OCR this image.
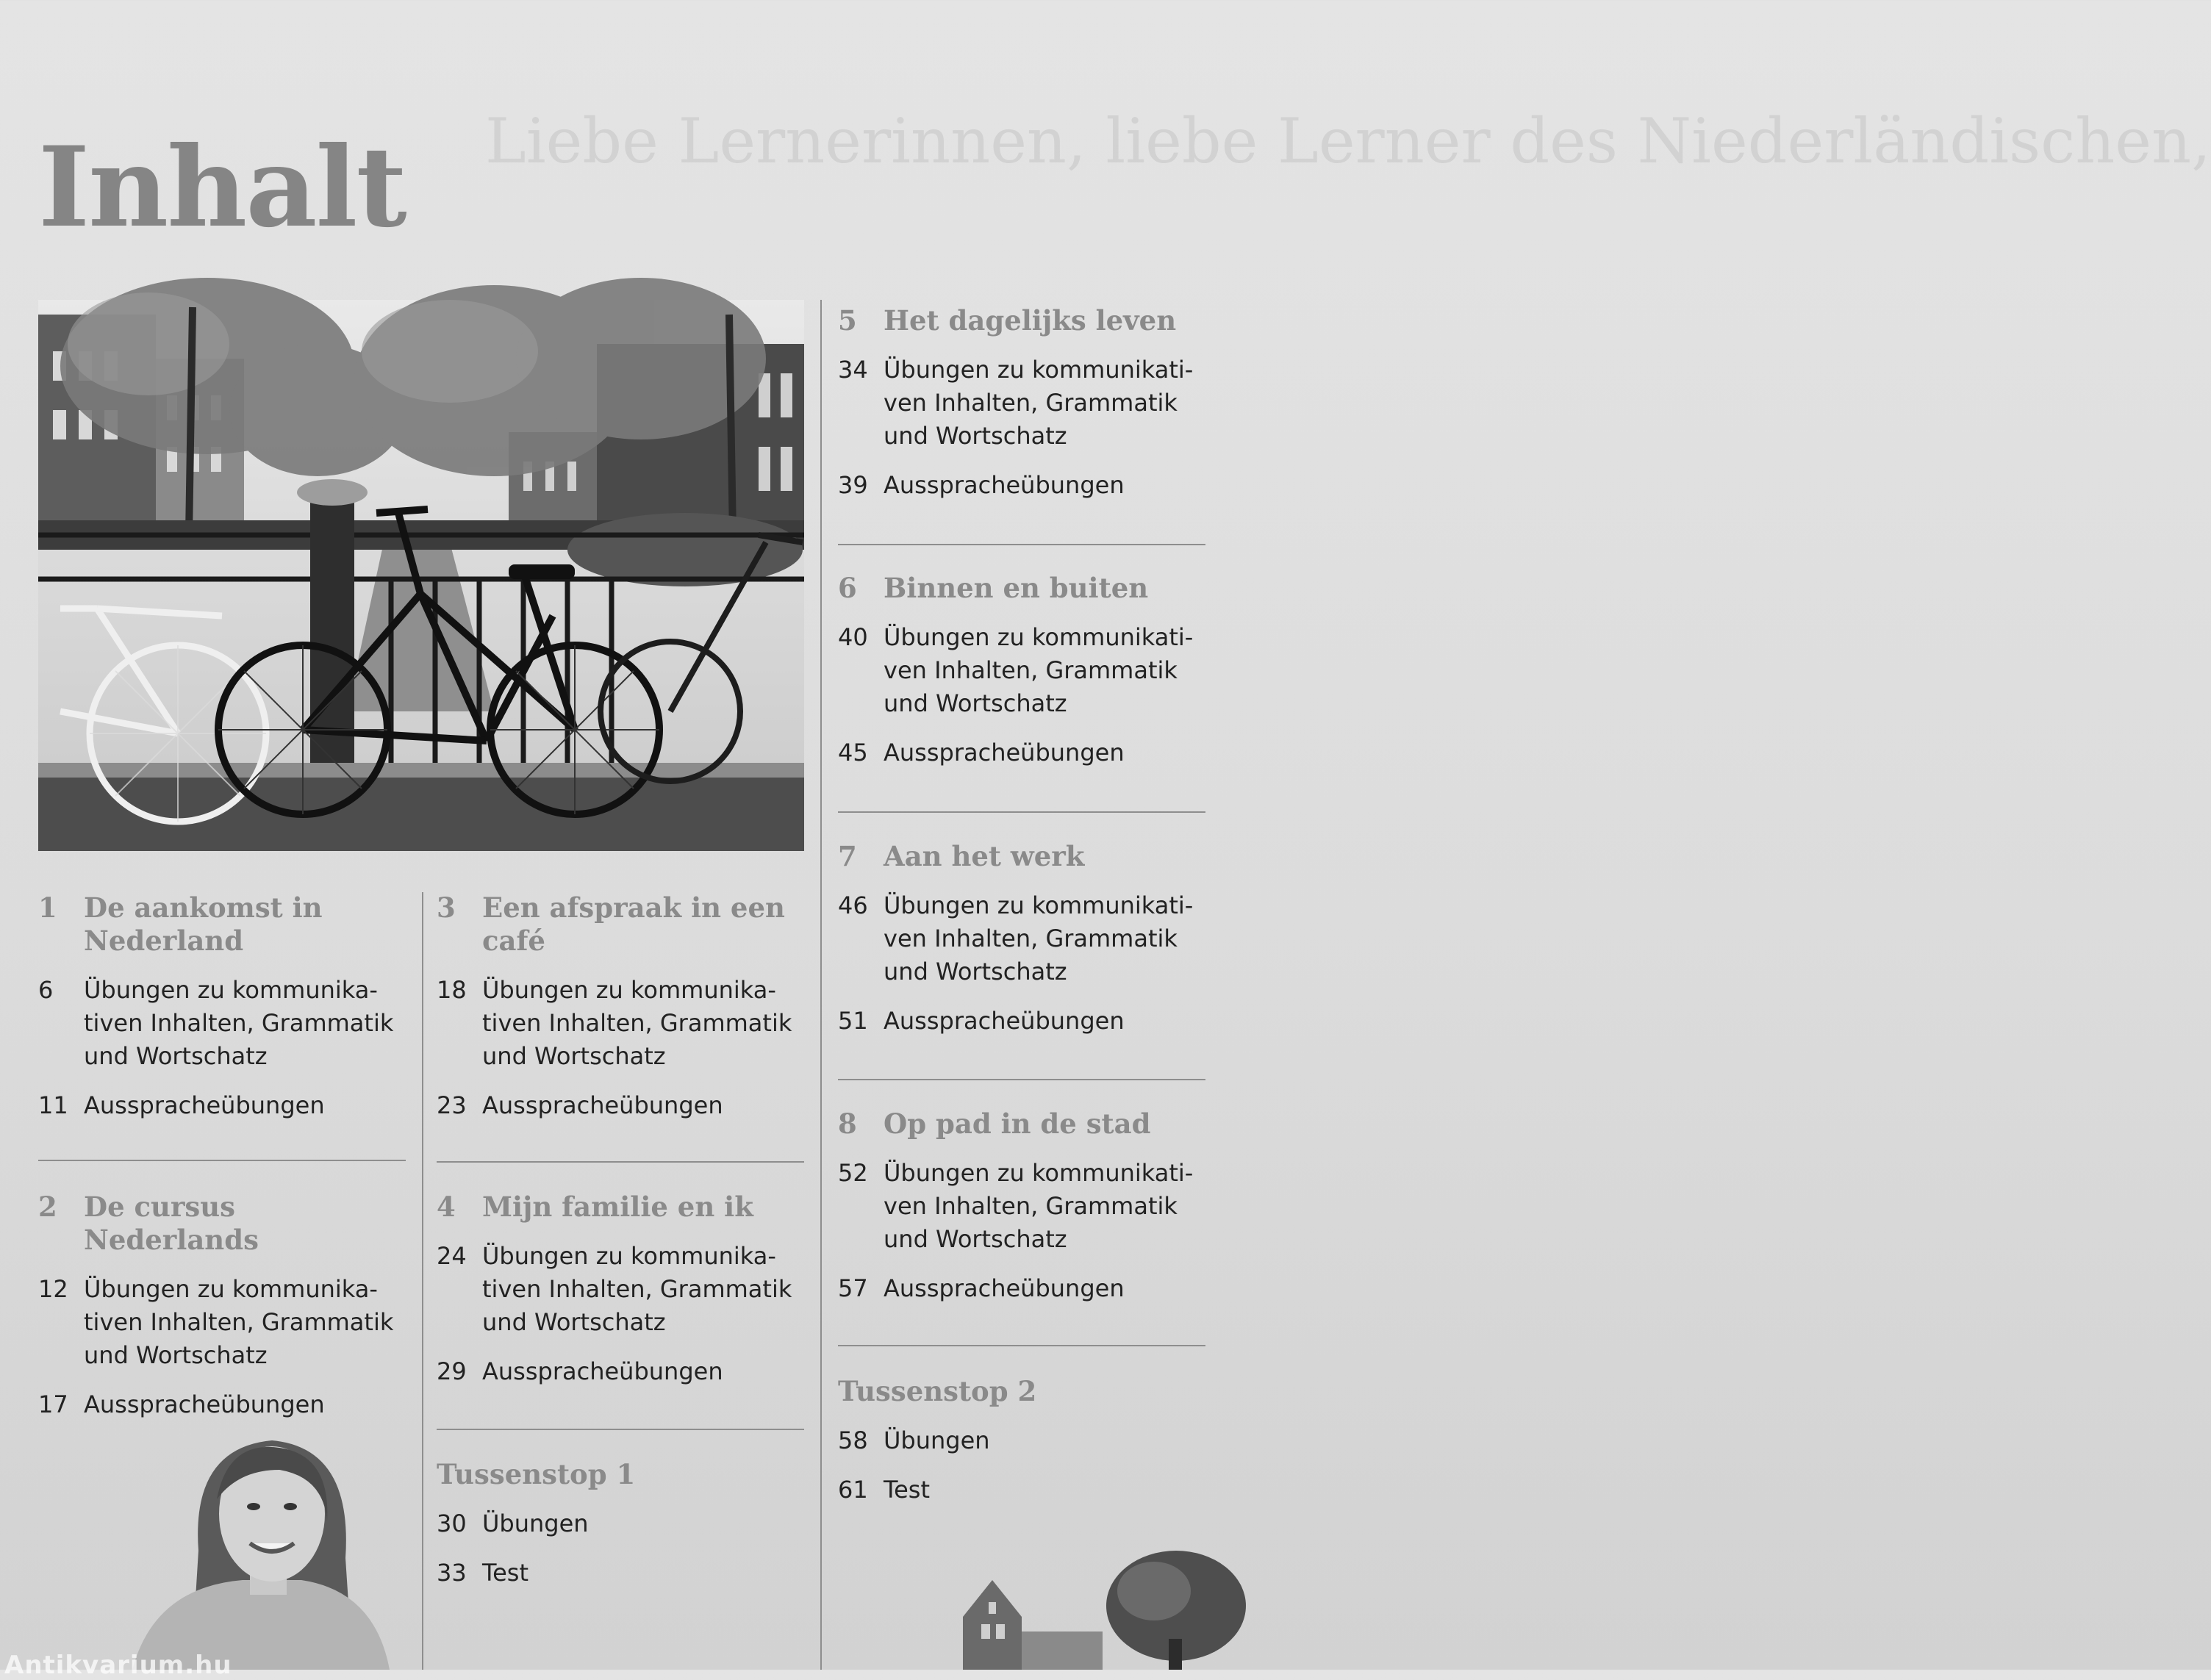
Liebe Lernerinnen, liebe Lerner des Niederländischen,
Inhalt
1 De aankomst in Nederland
6	Übungen zu kommunika-tiven Inhalten, Grammatik und Wortschatz
11 Ausspracheübungen
2 De cursus Nederlands
12 Übungen zu kommunika-tiven Inhalten, Grammatik und Wortschatz
17 Ausspracheübungen
3 Een afspraak in een café
18 Übungen zu kommunika-tiven Inhalten, Grammatik und Wortschatz
23 Ausspracheübungen
4 Mijn familie en ik
24 Übungen zu kommunika-tiven Inhalten, Grammatik und Wortschatz
29 Ausspracheübungen
Tussenstop 1
30 Übungen
33 Test
5 Het dagelijks leven
34 Übungen zu kommunikati-ven Inhalten, Grammatik und Wortschatz
39 Ausspracheübungen
6 Binnen en buiten
40 Übungen zu kommunikati-ven Inhalten, Grammatik und Wortschatz
45 Ausspracheübungen
7 Aan het werk
46 Übungen zu kommunikati-ven Inhalten, Grammatik und Wortschatz
51 Ausspracheübungen
8 Op pad in de stad
52 Übungen zu kommunikati-ven Inhalten, Grammatik und Wortschatz
57 Ausspracheübungen
Tussenstop 2
58 Übungen
61 Test
Antikvarium.hu
